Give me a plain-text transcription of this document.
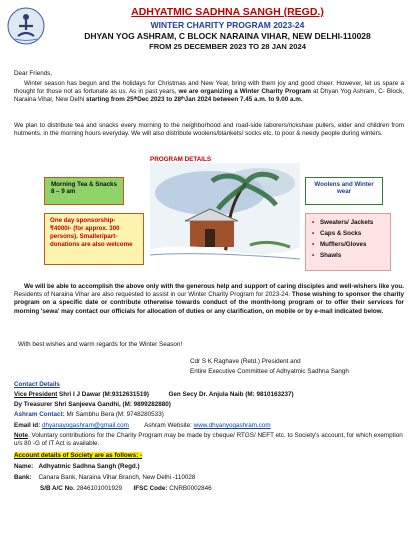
ADHYATMIC SADHNA SANGH (REGD.)

WINTER CHARITY PROGRAM 2023-24

DHYAN YOG ASHRAM, C BLOCK NARAINA VIHAR, NEW DELHI-110028

FROM 25 DECEMBER 2023 TO 28 JAN 2024

Dear Friends,

Winter season has begun and the holidays for Christmas and New Year, bring with them joy and good cheer. However, let us spare a thought for those not as fortunate as us. As in past years, we are organizing a Winter Charity Program at Dhyan Yog Ashram, C- Block, Naraina Vihar, New Delhi starting from 25ᵗʰDec 2023 to 28ᵗʰJan 2024 between 7.45 a.m. to 9.00 a.m.

We plan to distribute tea and snacks every morning to the neighborhood and road-side laborers/rickshaw pullers, elder and children from hutments. in the morning hours everyday. We will also distribute woolens/blankets/ socks etc. to poor & needy people during winters.

PROGRAM DETAILS
Morning Tea & Snacks 8 – 9 am
Woolens and Winter wear
One day sponsorship- ₹4000/- (for approx. 300 persons). Smaller/part-donations are also welcome
• Sweaters/ Jackets
• Caps & Socks
• Mufflers/Gloves
• Shawls

We will be able to accomplish the above only with the generous help and support of caring disciples and well-wishers like you. Residents of Naraina Vihar are also requested to assist in our Winter Charity Program for 2023-24. Those wishing to sponsor the charity program on a specific date or contribute otherwise towards conduct of the month-long program or to offer their services for morning 'sewa' may contact our officials for allocation of duties or any clarification, on mobile or by e-mail indicated below.

With best wishes and warm regards for the Winter Season!

Cdr S K Raghave (Retd.) President and

Entire Executive Committee of Adhyatmic Sadhna Sangh

Contact Details

Vice President Shri I J Dawar (M:9312631519)	Gen Secy Dr. Anjula Naib (M: 9810163237)

Dy Treasurer Shri Sanjeeva Gandhi, (M: 9899282880)

Ashram Contact: Mr Sambhu Bera (M: 9748280533)

Email id: dhyanayogashram@gmail.com Ashram Website: www.dhyanyogashram.com

Note. Voluntary contributions for the Charity Program may be made by cheque/ RTGS/ NEFT etc. to Society's account, for which exemption u/s 80 -G of IT Act is available.

Account details of Society are as follows: -

Name: Adhyatmic Sadhna Sangh (Regd.)

Bank: Canara Bank, Naraina Vihar Branch, New Delhi -110028

S/B A/C No. 2846101001929 IFSC Code: CNRB0002846
